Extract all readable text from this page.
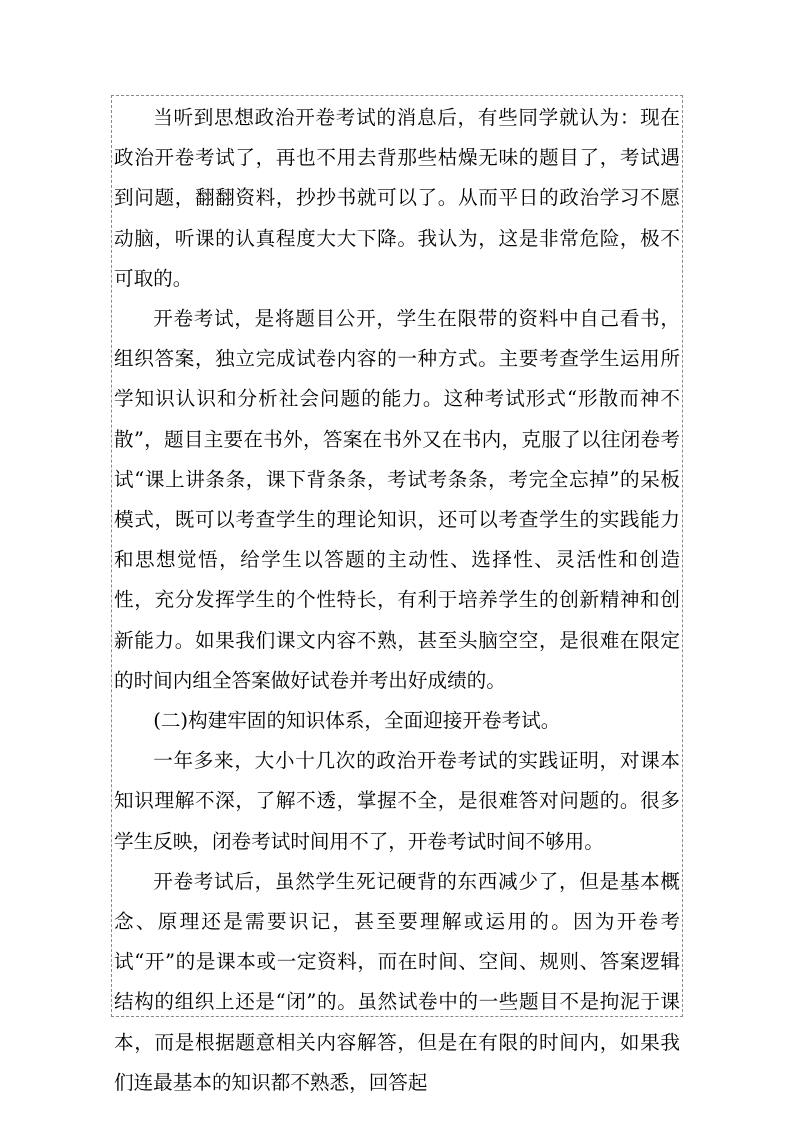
当听到思想政治开卷考试的消息后，有些同学就认为：现在政治开卷考试了，再也不用去背那些枯燥无味的题目了，考试遇到问题，翻翻资料，抄抄书就可以了。从而平日的政治学习不愿动脑，听课的认真程度大大下降。我认为，这是非常危险，极不可取的。

开卷考试，是将题目公开，学生在限带的资料中自己看书，组织答案，独立完成试卷内容的一种方式。主要考查学生运用所学知识认识和分析社会问题的能力。这种考试形式“形散而神不散”，题目主要在书外，答案在书外又在书内，克服了以往闭卷考试“课上讲条条，课下背条条，考试考条条，考完全忘掉”的呆板模式，既可以考查学生的理论知识，还可以考查学生的实践能力和思想觉悟，给学生以答题的主动性、选择性、灵活性和创造性，充分发挥学生的个性特长，有利于培养学生的创新精神和创新能力。如果我们课文内容不熟，甚至头脑空空，是很难在限定的时间内组全答案做好试卷并考出好成绩的。

(二)构建牢固的知识体系，全面迎接开卷考试。

一年多来，大小十几次的政治开卷考试的实践证明，对课本知识理解不深，了解不透，掌握不全，是很难答对问题的。很多学生反映，闭卷考试时间用不了，开卷考试时间不够用。

开卷考试后，虽然学生死记硬背的东西减少了，但是基本概念、原理还是需要识记，甚至要理解或运用的。因为开卷考试“开”的是课本或一定资料，而在时间、空间、规则、答案逻辑结构的组织上还是“闭”的。虽然试卷中的一些题目不是拘泥于课本，而是根据题意相关内容解答，但是在有限的时间内，如果我们连最基本的知识都不熟悉，回答起
